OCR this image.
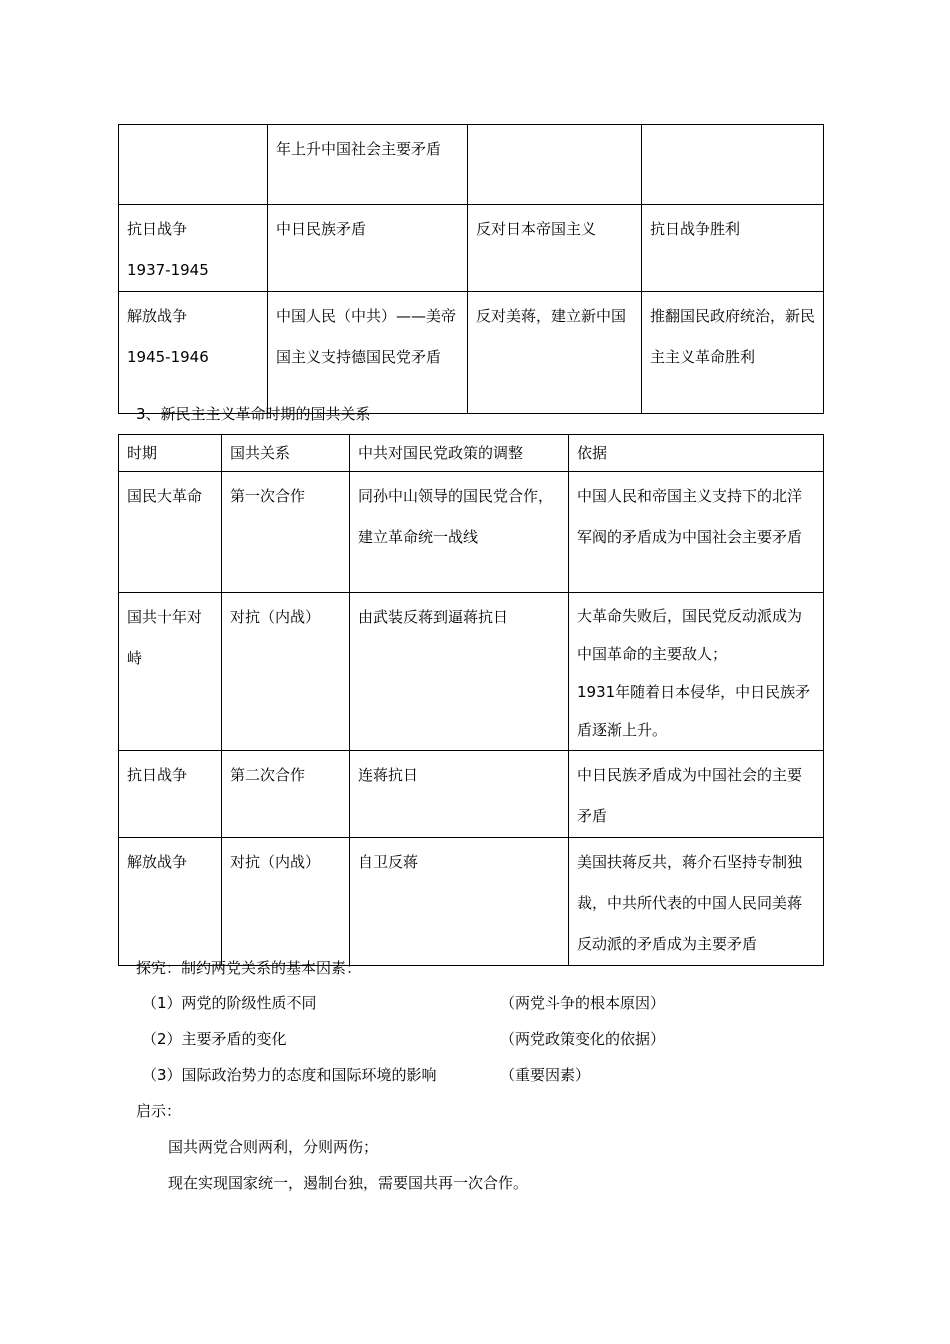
	年上升中国社会主要矛盾		
抗日战争
1937-1945	中日民族矛盾	反对日本帝国主义	抗日战争胜利
解放战争
1945-1946	中国人民（中共）——美帝国主义支持德国民党矛盾	反对美蒋，建立新中国	推翻国民政府统治，新民主主义革命胜利
3、新民主主义革命时期的国共关系
时期	国共关系	中共对国民党政策的调整	依据
国民大革命	第一次合作	同孙中山领导的国民党合作，建立革命统一战线	中国人民和帝国主义支持下的北洋军阀的矛盾成为中国社会主要矛盾
国共十年对峙	对抗（内战）	由武装反蒋到逼蒋抗日	大革命失败后，国民党反动派成为中国革命的主要敌人；
1931年随着日本侵华，中日民族矛盾逐渐上升。
抗日战争	第二次合作	连蒋抗日	中日民族矛盾成为中国社会的主要矛盾
解放战争	对抗（内战）	自卫反蒋	美国扶蒋反共，蒋介石坚持专制独裁，中共所代表的中国人民同美蒋反动派的矛盾成为主要矛盾
探究：制约两党关系的基本因素：
（1）两党的阶级性质不同	（两党斗争的根本原因）
（2）主要矛盾的变化	（两党政策变化的依据）
（3）国际政治势力的态度和国际环境的影响	（重要因素）
启示：
国共两党合则两利，分则两伤；
现在实现国家统一，遏制台独，需要国共再一次合作。
